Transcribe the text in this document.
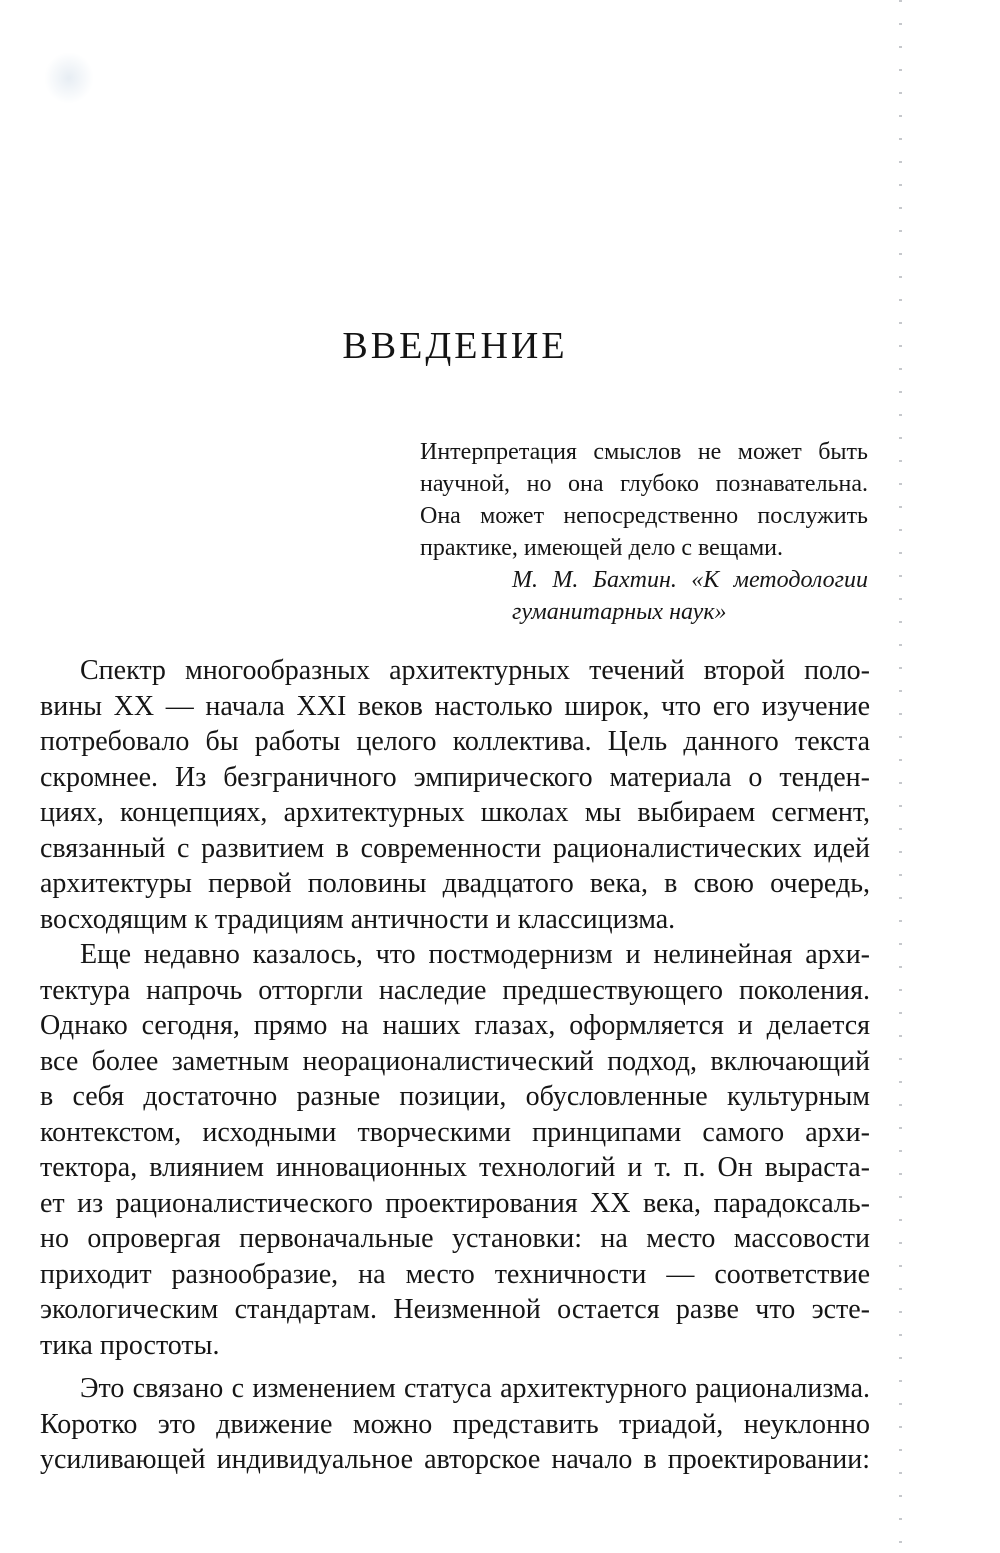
ВВЕДЕНИЕ
Интерпретация смыслов не может быть
научной, но она глубоко познавательна.
Она может непосредственно послужить
практике, имеющей дело с вещами.
М. М. Бахтин. «К методологии
гуманитарных наук»
Спектр многообразных архитектурных течений второй поло-
вины XX — начала XXI веков настолько широк, что его изучение
потребовало бы работы целого коллектива. Цель данного текста
скромнее. Из безграничного эмпирического материала о тенден-
циях, концепциях, архитектурных школах мы выбираем сегмент,
связанный с развитием в современности рационалистических идей
архитектуры первой половины двадцатого века, в свою очередь,
восходящим к традициям античности и классицизма.
Еще недавно казалось, что постмодернизм и нелинейная архи-
тектура напрочь отторгли наследие предшествующего поколения.
Однако сегодня, прямо на наших глазах, оформляется и делается
все более заметным неорационалистический подход, включающий
в себя достаточно разные позиции, обусловленные культурным
контекстом, исходными творческими принципами самого архи-
тектора, влиянием инновационных технологий и т. п. Он выраста-
ет из рационалистического проектирования XX века, парадоксаль-
но опровергая первоначальные установки: на место массовости
приходит разнообразие, на место техничности — соответствие
экологическим стандартам. Неизменной остается разве что эсте-
тика простоты.
Это связано с изменением статуса архитектурного рационализма.
Коротко это движение можно представить триадой, неуклонно
усиливающей индивидуальное авторское начало в проектировании:
